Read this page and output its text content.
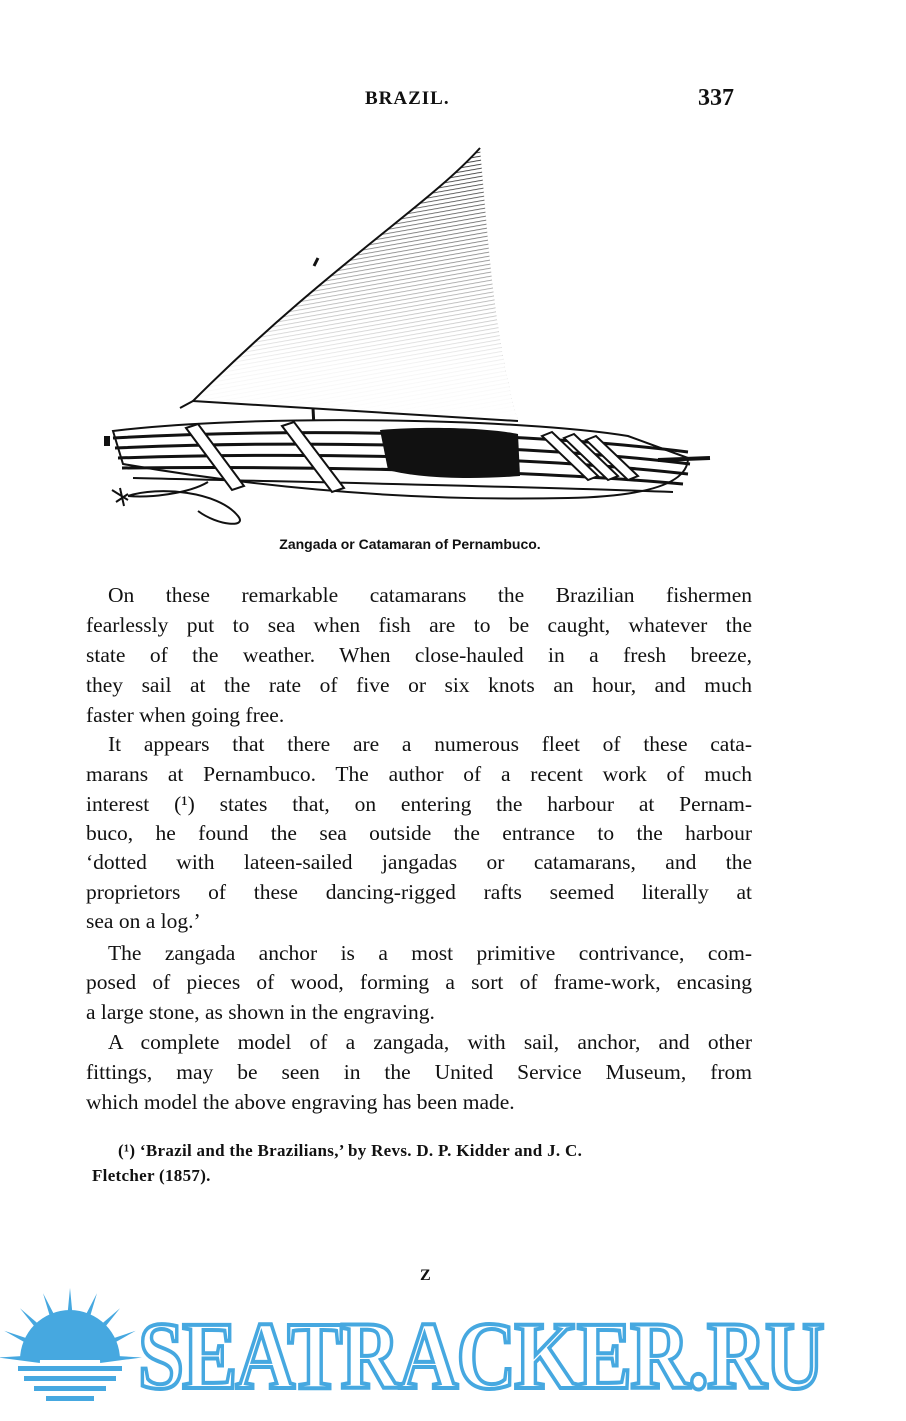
BRAZIL.	337
Zangada or Catamaran of Pernambuco.
On these remarkable catamarans the Brazilian fishermen
fearlessly put to sea when fish are to be caught, whatever the
state of the weather. When close-hauled in a fresh breeze,
they sail at the rate of five or six knots an hour, and much
faster when going free.
It appears that there are a numerous fleet of these cata-
marans at Pernambuco. The author of a recent work of much
interest (¹) states that, on entering the harbour at Pernam-
buco, he found the sea outside the entrance to the harbour
‘dotted with lateen-sailed jangadas or catamarans, and the
proprietors of these dancing-rigged rafts seemed literally at
sea on a log.’
The zangada anchor is a most primitive contrivance, com-
posed of pieces of wood, forming a sort of frame-work, encasing
a large stone, as shown in the engraving.
A complete model of a zangada, with sail, anchor, and other
fittings, may be seen in the United Service Museum, from
which model the above engraving has been made.
(¹) ‘Brazil and the Brazilians,’ by Revs. D. P. Kidder and J. C.
Fletcher (1857).
Z
SEATRACKER.RU
